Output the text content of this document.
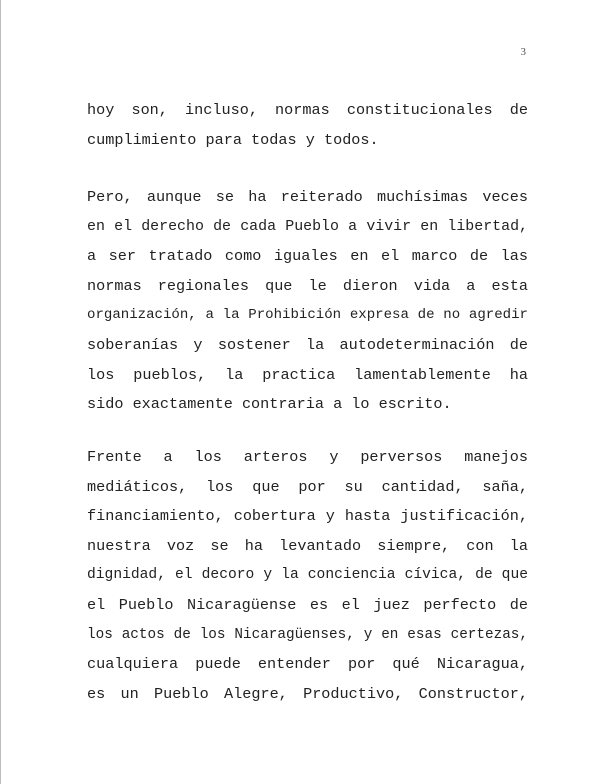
3

hoy son, incluso, normas constitucionales de
cumplimiento para todas y todos.

Pero, aunque se ha reiterado muchísimas veces
en el derecho de cada Pueblo a vivir en libertad,
a ser tratado como iguales en el marco de las
normas regionales que le dieron vida a esta
organización, a la Prohibición expresa de no agredir
soberanías y sostener la autodeterminación de
los pueblos, la practica lamentablemente ha
sido exactamente contraria a lo escrito.

Frente a los arteros y perversos manejos
mediáticos, los que por su cantidad, saña,
financiamiento, cobertura y hasta justificación,
nuestra voz se ha levantado siempre, con la
dignidad, el decoro y la conciencia cívica, de que
el Pueblo Nicaragüense es el juez perfecto de
los actos de los Nicaragüenses, y en esas certezas,
cualquiera puede entender por qué Nicaragua,
es un Pueblo Alegre, Productivo, Constructor,
